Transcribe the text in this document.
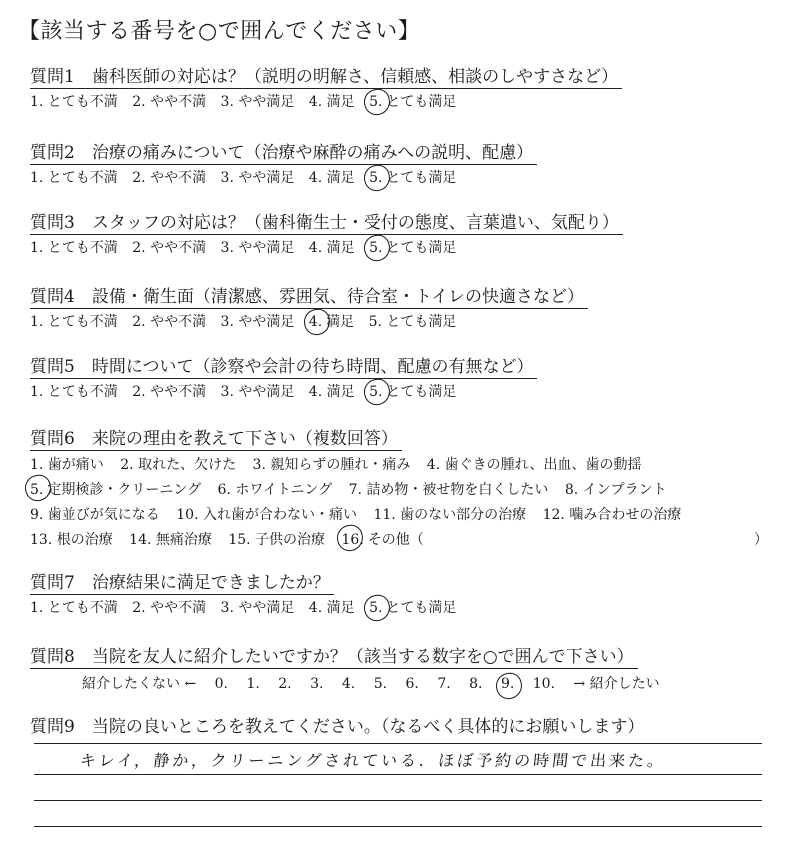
【該当する番号を○で囲んでください】
質問1　歯科医師の対応は？（説明の明解さ、信頼感、相談のしやすさなど）
1. とても不満 2. やや不満 3. やや満足 4. 満足 5. とても満足
質問2　治療の痛みについて（治療や麻酔の痛みへの説明、配慮）
1. とても不満 2. やや不満 3. やや満足 4. 満足 5. とても満足
質問3　スタッフの対応は？（歯科衛生士・受付の態度、言葉遣い、気配り）
1. とても不満 2. やや不満 3. やや満足 4. 満足 5. とても満足
質問4　設備・衛生面（清潔感、雰囲気、待合室・トイレの快適さなど）
1. とても不満 2. やや不満 3. やや満足 4. 満足 5. とても満足
質問5　時間について（診察や会計の待ち時間、配慮の有無など）
1. とても不満 2. やや不満 3. やや満足 4. 満足 5. とても満足
質問6　来院の理由を教えて下さい（複数回答）
1. 歯が痛い 2. 取れた、欠けた 3. 親知らずの腫れ・痛み 4. 歯ぐきの腫れ、出血、歯の動揺
5. 定期検診・クリーニング 6. ホワイトニング 7. 詰め物・被せ物を白くしたい 8. インプラント
9. 歯並びが気になる 10. 入れ歯が合わない・痛い 11. 歯のない部分の治療 12. 噛み合わせの治療
13. 根の治療 14. 無痛治療 15. 子供の治療 16. その他（	）
質問7　治療結果に満足できましたか？
1. とても不満 2. やや不満 3. やや満足 4. 満足 5. とても満足
質問8　当院を友人に紹介したいですか？（該当する数字を○で囲んで下さい）
紹介したくない ← 0. 1. 2. 3. 4. 5. 6. 7. 8. 9. 10. → 紹介したい
質問9　当院の良いところを教えてください。（なるべく具体的にお願いします）
キレイ，静か，クリーニングされている．ほぼ予約の時間で出来た。
